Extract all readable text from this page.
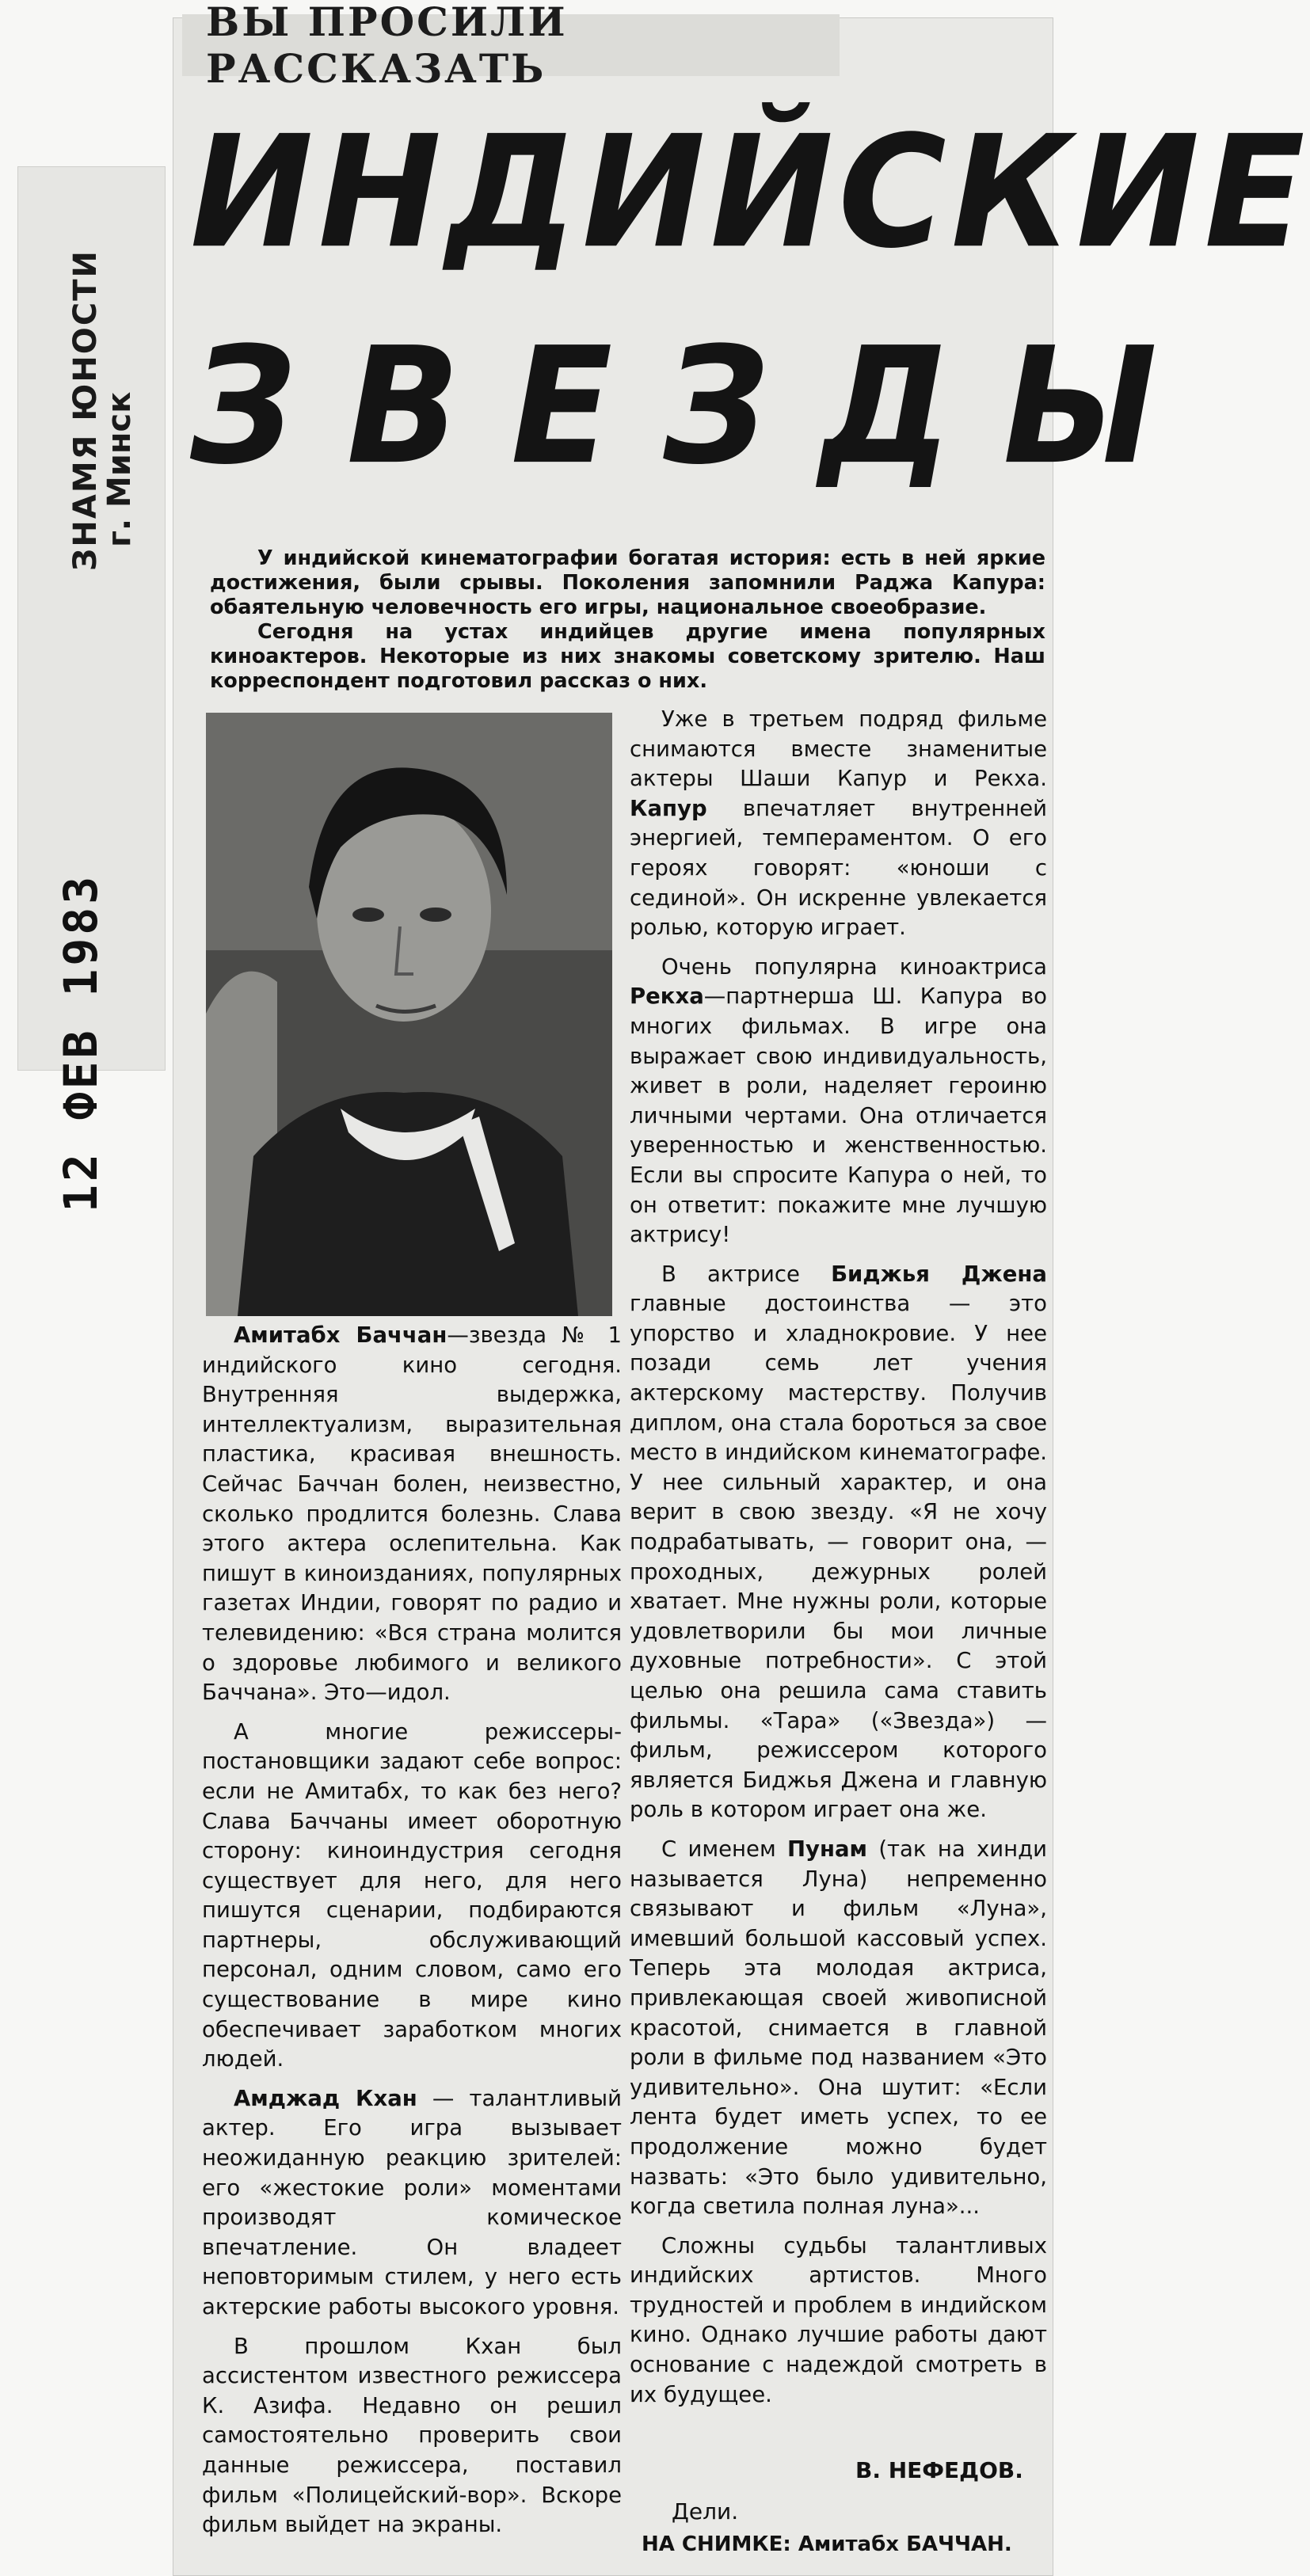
ЗНАМЯ ЮНОСТИ
г. Минск
12 ФЕВ 1983
ВЫ ПРОСИЛИ РАССКАЗАТЬ
ИНДИЙСКИЕ
ЗВЕЗДЫ

У индийской кинематографии богатая история: есть в ней яркие достижения, были срывы. Поколения запомнили Раджа Капура: обаятельную человечность его игры, национальное своеобразие.

Сегодня на устах индийцев другие имена популярных киноактеров. Некоторые из них знакомы советскому зрителю. Наш корреспондент подготовил рассказ о них.

Амитабх Баччан—звезда № 1 индийского кино сегодня. Внутренняя выдержка, интеллектуализм, выразительная пластика, красивая внешность. Сейчас Баччан болен, неизвестно, сколько продлится болезнь. Слава этого актера ослепительна. Как пишут в киноизданиях, популярных газетах Индии, говорят по радио и телевидению: «Вся страна молится о здоровье любимого и великого Баччана». Это—идол.

А многие режиссеры-постановщики задают себе вопрос: если не Амитабх, то как без него? Слава Баччаны имеет оборотную сторону: киноиндустрия сегодня существует для него, для него пишутся сценарии, подбираются партнеры, обслуживающий персонал, одним словом, само его существование в мире кино обеспечивает заработком многих людей.

Амджад Кхан — талантливый актер. Его игра вызывает неожиданную реакцию зрителей: его «жестокие роли» моментами производят комическое впечатление. Он владеет неповторимым стилем, у него есть актерские работы высокого уровня.

В прошлом Кхан был ассистентом известного режиссера К. Азифа. Недавно он решил самостоятельно проверить свои данные режиссера, поставил фильм «Полицейский-вор». Вскоре фильм выйдет на экраны.

Уже в третьем подряд фильме снимаются вместе знаменитые актеры Шаши Капур и Рекха. Капур впечатляет внутренней энергией, темпераментом. О его героях говорят: «юноши с сединой». Он искренне увлекается ролью, которую играет.

Очень популярна киноактриса Рекха—партнерша Ш. Капура во многих фильмах. В игре она выражает свою индивидуальность, живет в роли, наделяет героиню личными чертами. Она отличается уверенностью и женственностью. Если вы спросите Капура о ней, то он ответит: покажите мне лучшую актрису!

В актрисе Биджья Джена главные достоинства — это упорство и хладнокровие. У нее позади семь лет учения актерскому мастерству. Получив диплом, она стала бороться за свое место в индийском кинематографе. У нее сильный характер, и она верит в свою звезду. «Я не хочу подрабатывать, — говорит она, — проходных, дежурных ролей хватает. Мне нужны роли, которые удовлетворили бы мои личные духовные потребности». С этой целью она решила сама ставить фильмы. «Тара» («Звезда») — фильм, режиссером которого является Биджья Джена и главную роль в котором играет она же.

С именем Пунам (так на хинди называется Луна) непременно связывают и фильм «Луна», имевший большой кассовый успех. Теперь эта молодая актриса, привлекающая своей живописной красотой, снимается в главной роли в фильме под названием «Это удивительно». Она шутит: «Если лента будет иметь успех, то ее продолжение можно будет назвать: «Это было удивительно, когда светила полная луна»...

Сложны судьбы талантливых индийских артистов. Много трудностей и проблем в индийском кино. Однако лучшие работы дают основание с надеждой смотреть в их будущее.

В. НЕФЕДОВ.
Дели.
НА СНИМКЕ: Амитабх БАЧЧАН.
